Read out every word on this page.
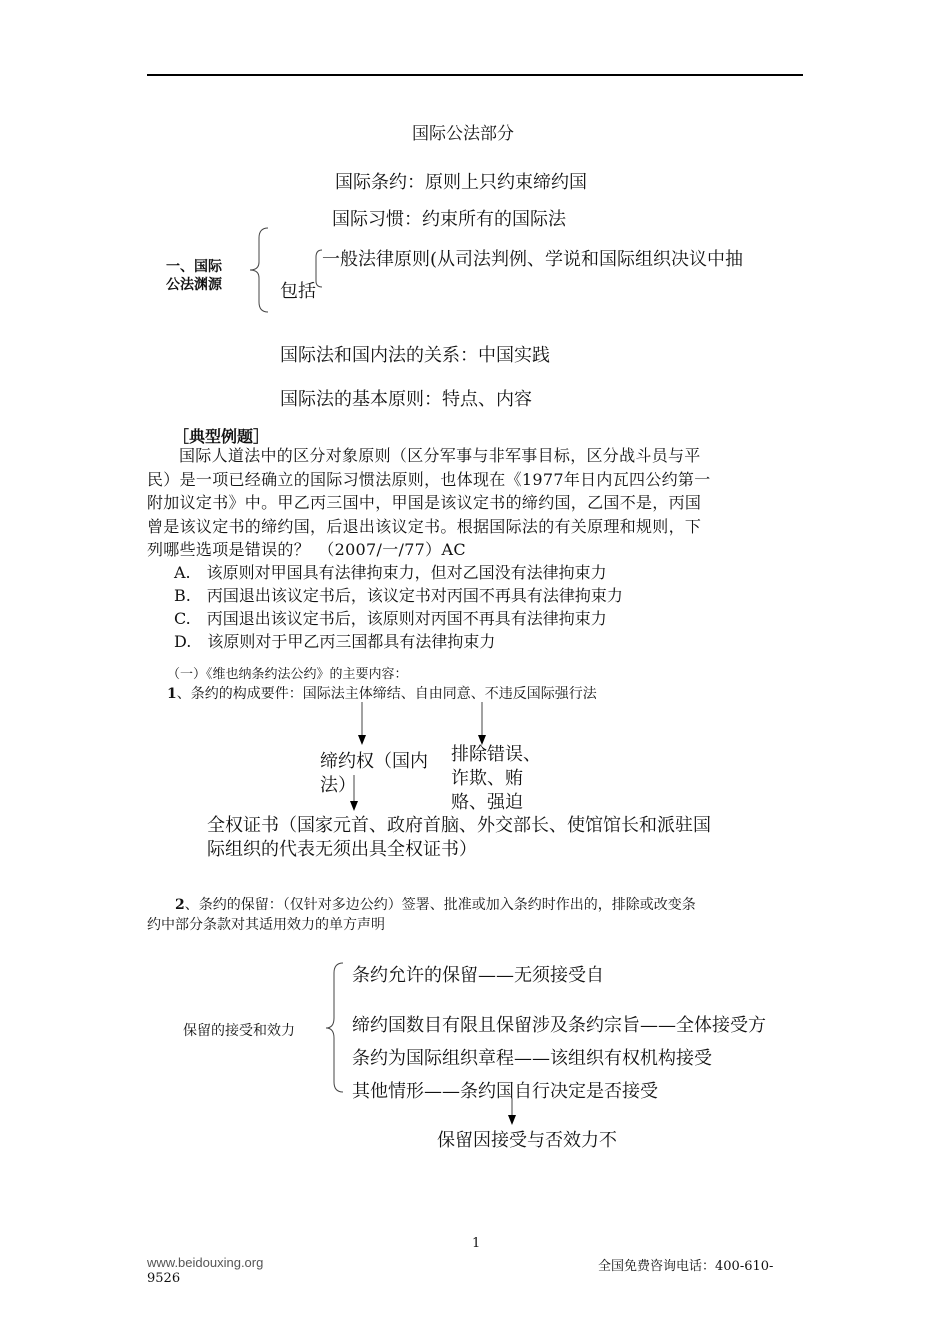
国际公法部分
一、国际
公法渊源
国际条约：原则上只约束缔约国
国际习惯：约束所有的国际法
一般法律原则(从司法判例、学说和国际组织决议中抽
包括
国际法和国内法的关系：中国实践
国际法的基本原则：特点、内容
［典型例题］
国际人道法中的区分对象原则（区分军事与非军事目标，区分战斗员与平
民）是一项已经确立的国际习惯法原则，也体现在《1977年日内瓦四公约第一
附加议定书》中。甲乙丙三国中，甲国是该议定书的缔约国，乙国不是，丙国
曾是该议定书的缔约国，后退出该议定书。根据国际法的有关原理和规则，下
列哪些选项是错误的？　（2007/一/77）AC
A.　该原则对甲国具有法律拘束力，但对乙国没有法律拘束力
B.　丙国退出该议定书后，该议定书对丙国不再具有法律拘束力
C.　丙国退出该议定书后，该原则对丙国不再具有法律拘束力
D.　该原则对于甲乙丙三国都具有法律拘束力
（一）《维也纳条约法公约》的主要内容：
1、条约的构成要件：国际法主体缔结、自由同意、不违反国际强行法
缔约权（国内
法）
排除错误、
诈欺、贿
赂、强迫
全权证书（国家元首、政府首脑、外交部长、使馆馆长和派驻国
际组织的代表无须出具全权证书）
2、条约的保留：（仅针对多边公约）签署、批准或加入条约时作出的，排除或改变条
约中部分条款对其适用效力的单方声明
保留的接受和效力
条约允许的保留——无须接受自
缔约国数目有限且保留涉及条约宗旨——全体接受方
条约为国际组织章程——该组织有权机构接受
其他情形——条约国自行决定是否接受
保留因接受与否效力不
1
www.beidouxing.org	全国免费咨询电话：400-610-
9526
